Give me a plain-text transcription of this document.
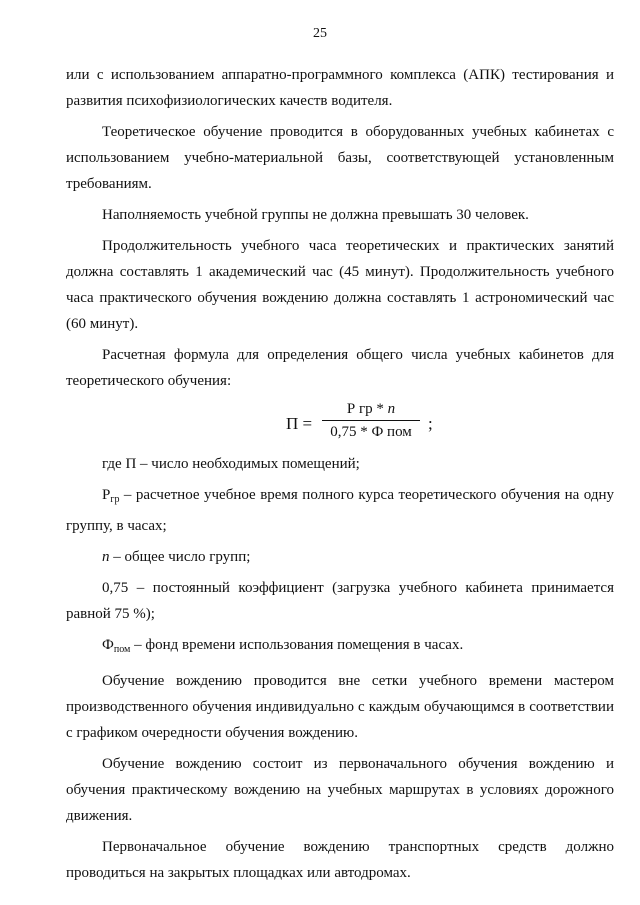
25

или с использованием аппаратно-программного комплекса (АПК) тестирования и развития психофизиологических качеств водителя.

Теоретическое обучение проводится в оборудованных учебных кабинетах с использованием учебно-материальной базы, соответствующей установленным требованиям.

Наполняемость учебной группы не должна превышать 30 человек.

Продолжительность учебного часа теоретических и практических занятий должна составлять 1 академический час (45 минут). Продолжительность учебного часа практического обучения вождению должна составлять 1 астрономический час (60 минут).

Расчетная формула для определения общего числа учебных кабинетов для теоретического обучения:

П =
Р гр * n
0,75 * Ф пом ;

где П – число необходимых помещений;

$Р_{гр}$ – расчетное учебное время полного курса теоретического обучения на одну группу, в часах;

n – общее число групп;

0,75 – постоянный коэффициент (загрузка учебного кабинета принимается равной 75 %);

$Ф_{пом}$ – фонд времени использования помещения в часах.

Обучение вождению проводится вне сетки учебного времени мастером производственного обучения индивидуально с каждым обучающимся в соответствии с графиком очередности обучения вождению.

Обучение вождению состоит из первоначального обучения вождению и обучения практическому вождению на учебных маршрутах в условиях дорожного движения.

Первоначальное обучение вождению транспортных средств должно проводиться на закрытых площадках или автодромах.
